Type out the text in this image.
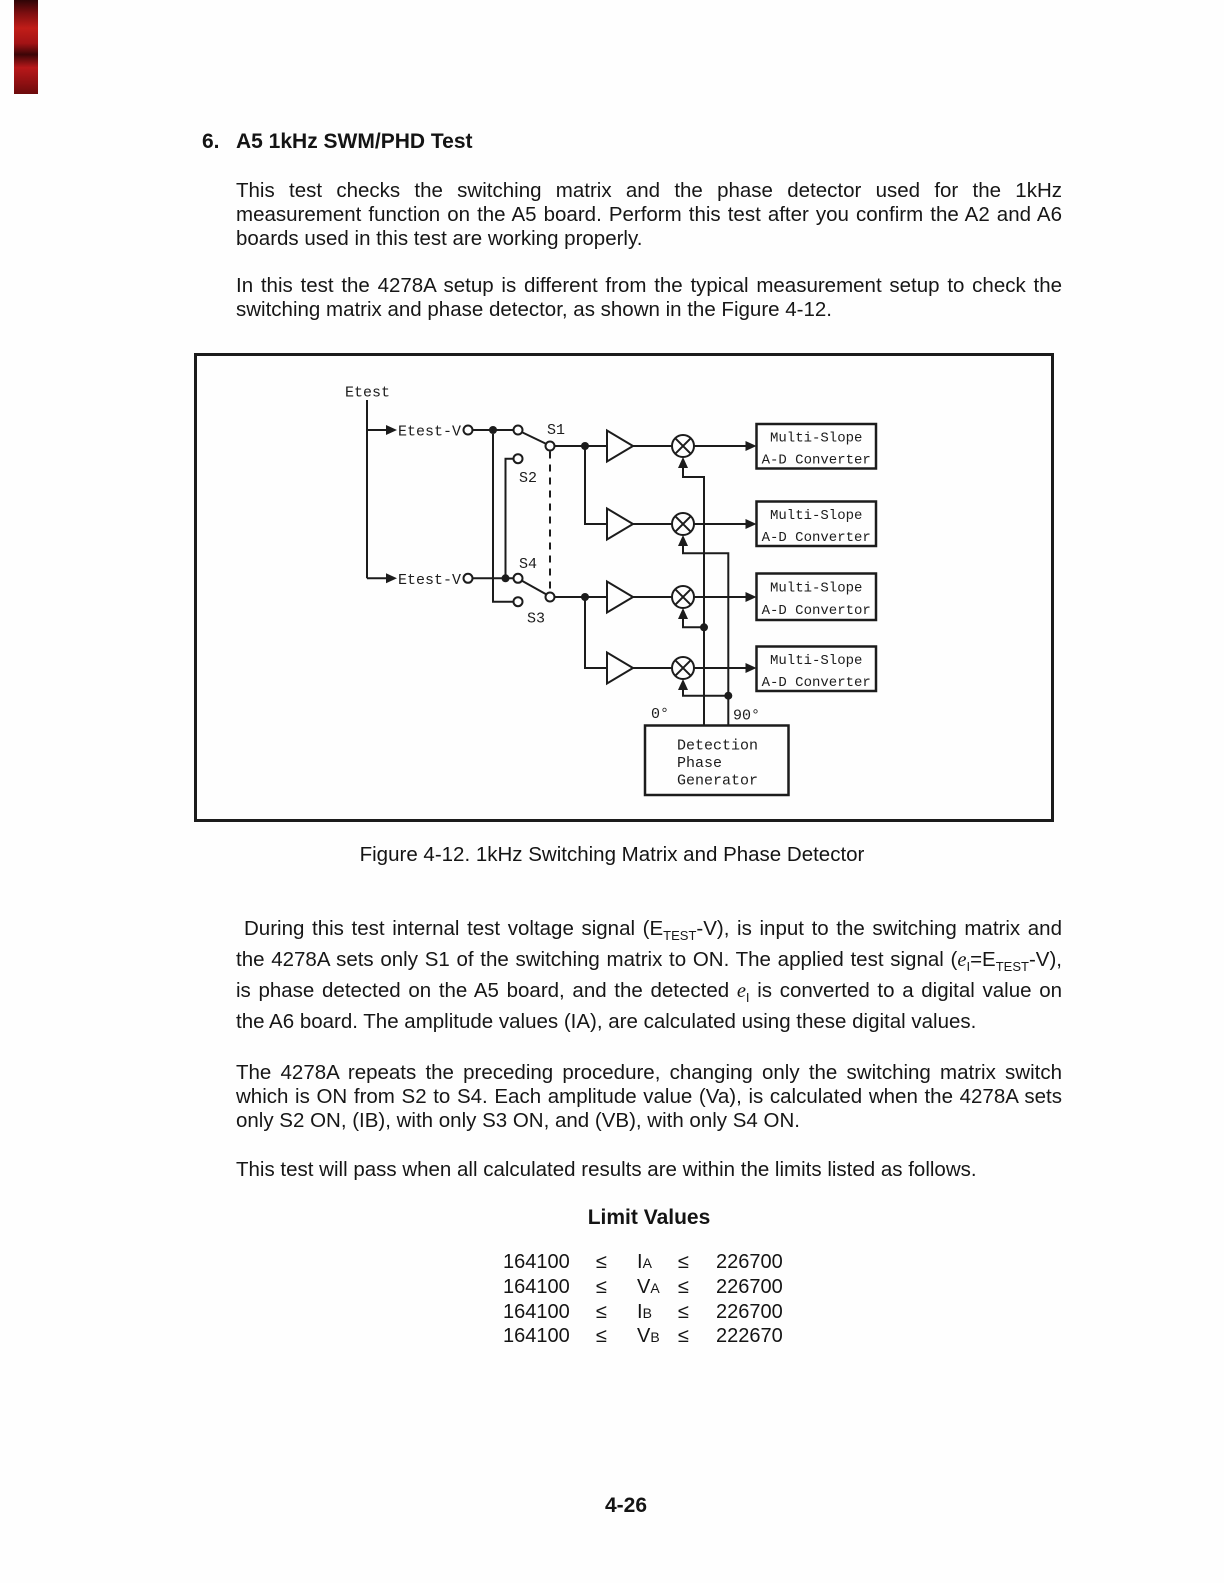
6. A5 1kHz SWM/PHD Test

This test checks the switching matrix and the phase detector used for the 1kHz measurement function on the A5 board. Perform this test after you confirm the A2 and A6 boards used in this test are working properly.

In this test the 4278A setup is different from the typical measurement setup to check the switching matrix and phase detector, as shown in the Figure 4-12.

Etest
Etest-V
Etest-V
S1
S2
S4
S3
0°	90°
Multi-Slope
A-D Converter
Multi-Slope
A-D Converter
Multi-Slope
A-D Convertor
Multi-Slope
A-D Converter
Detection
Phase
Generator
Figure 4-12. 1kHz Switching Matrix and Phase Detector

During this test internal test voltage signal $(E_{TEST}-V)$, is input to the switching matrix and the 4278A sets only S1 of the switching matrix to ON. The applied test signal $(e_I=E_{TEST}-V)$, is phase detected on the A5 board, and the detected $e_I$ is converted to a digital value on the A6 board. The amplitude values (IA), are calculated using these digital values.

The 4278A repeats the preceding procedure, changing only the switching matrix switch which is ON from S2 to S4. Each amplitude value (Va), is calculated when the 4278A sets only S2 ON, (IB), with only S3 ON, and (VB), with only S4 ON.

This test will pass when all calculated results are within the limits listed as follows.

Limit Values
164100 ≤ IA ≤ 226700
164100 ≤ VA ≤ 226700
164100 ≤ IB ≤ 226700
164100 ≤ VB ≤ 222670
4-26
